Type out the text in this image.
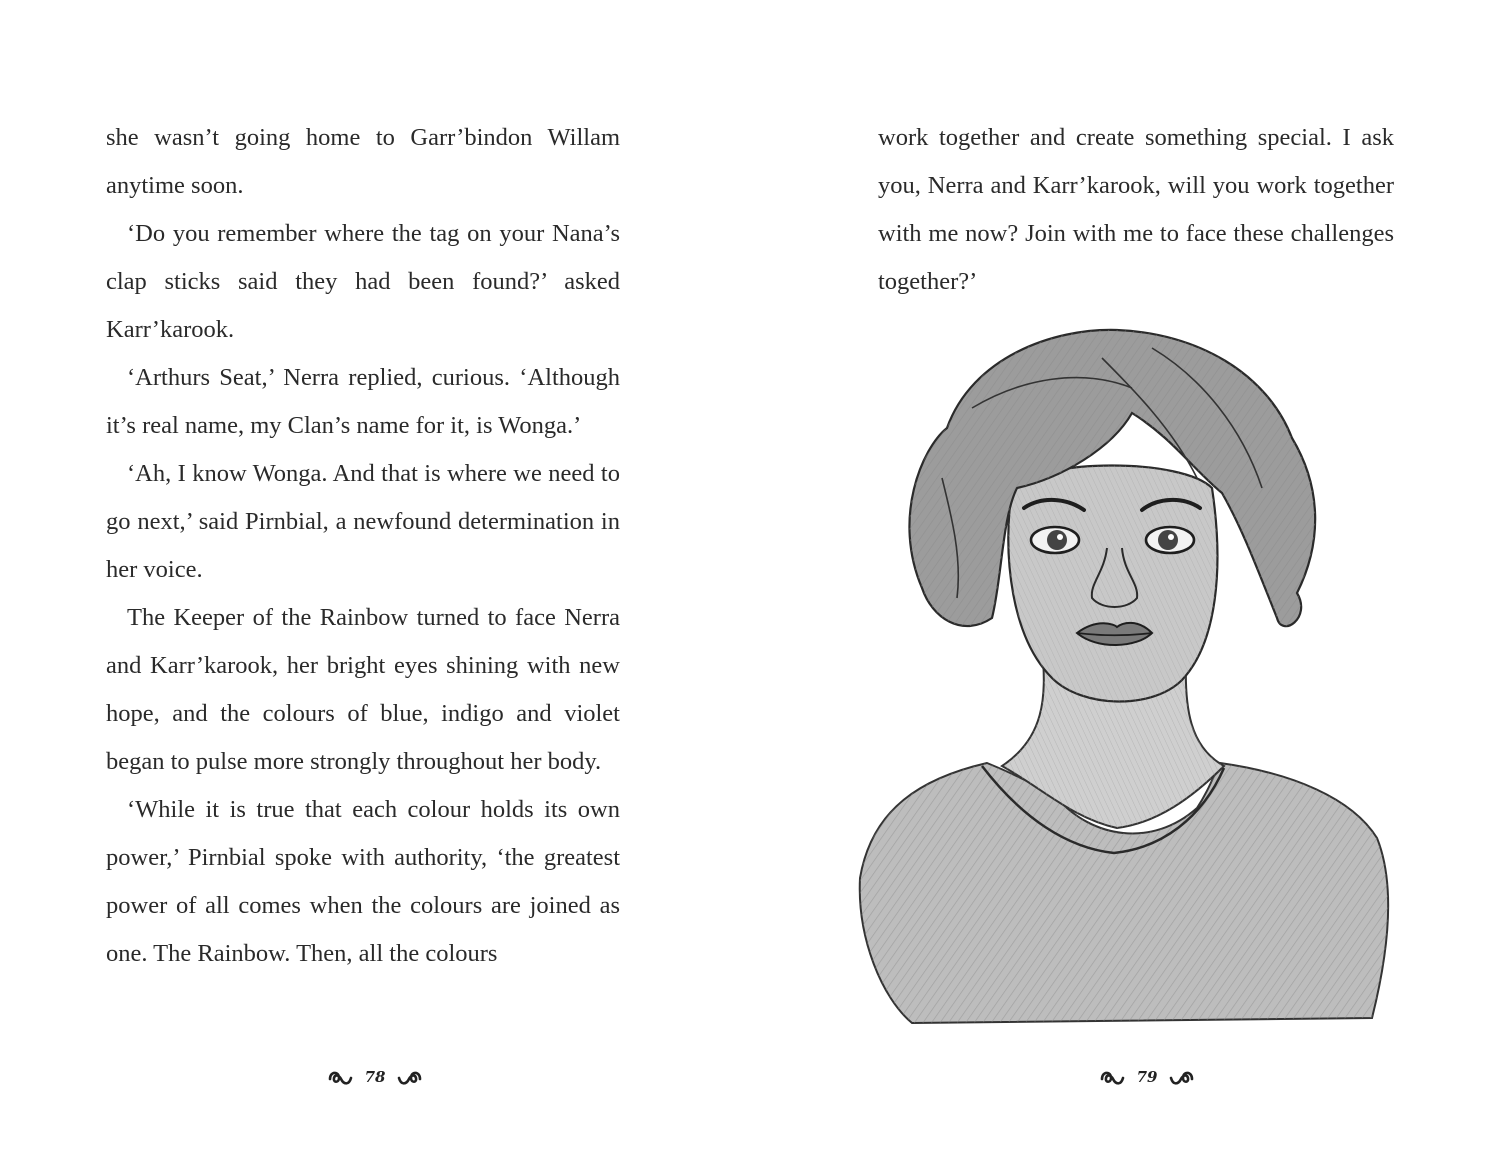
she wasn’t going home to Garr’bindon Willam anytime soon.

‘Do you remember where the tag on your Nana’s clap sticks said they had been found?’ asked Karr’karook.

‘Arthurs Seat,’ Nerra replied, curious. ‘Although it’s real name, my Clan’s name for it, is Wonga.’

‘Ah, I know Wonga. And that is where we need to go next,’ said Pirnbial, a newfound determination in her voice.

The Keeper of the Rainbow turned to face Nerra and Karr’karook, her bright eyes shining with new hope, and the colours of blue, indigo and violet began to pulse more strongly throughout her body.

‘While it is true that each colour holds its own power,’ Pirnbial spoke with authority, ‘the greatest power of all comes when the colours are joined as one. The Rainbow. Then, all the colours

78

work together and create something special. I ask you, Nerra and Karr’karook, will you work together with me now? Join with me to face these challenges together?’

79
